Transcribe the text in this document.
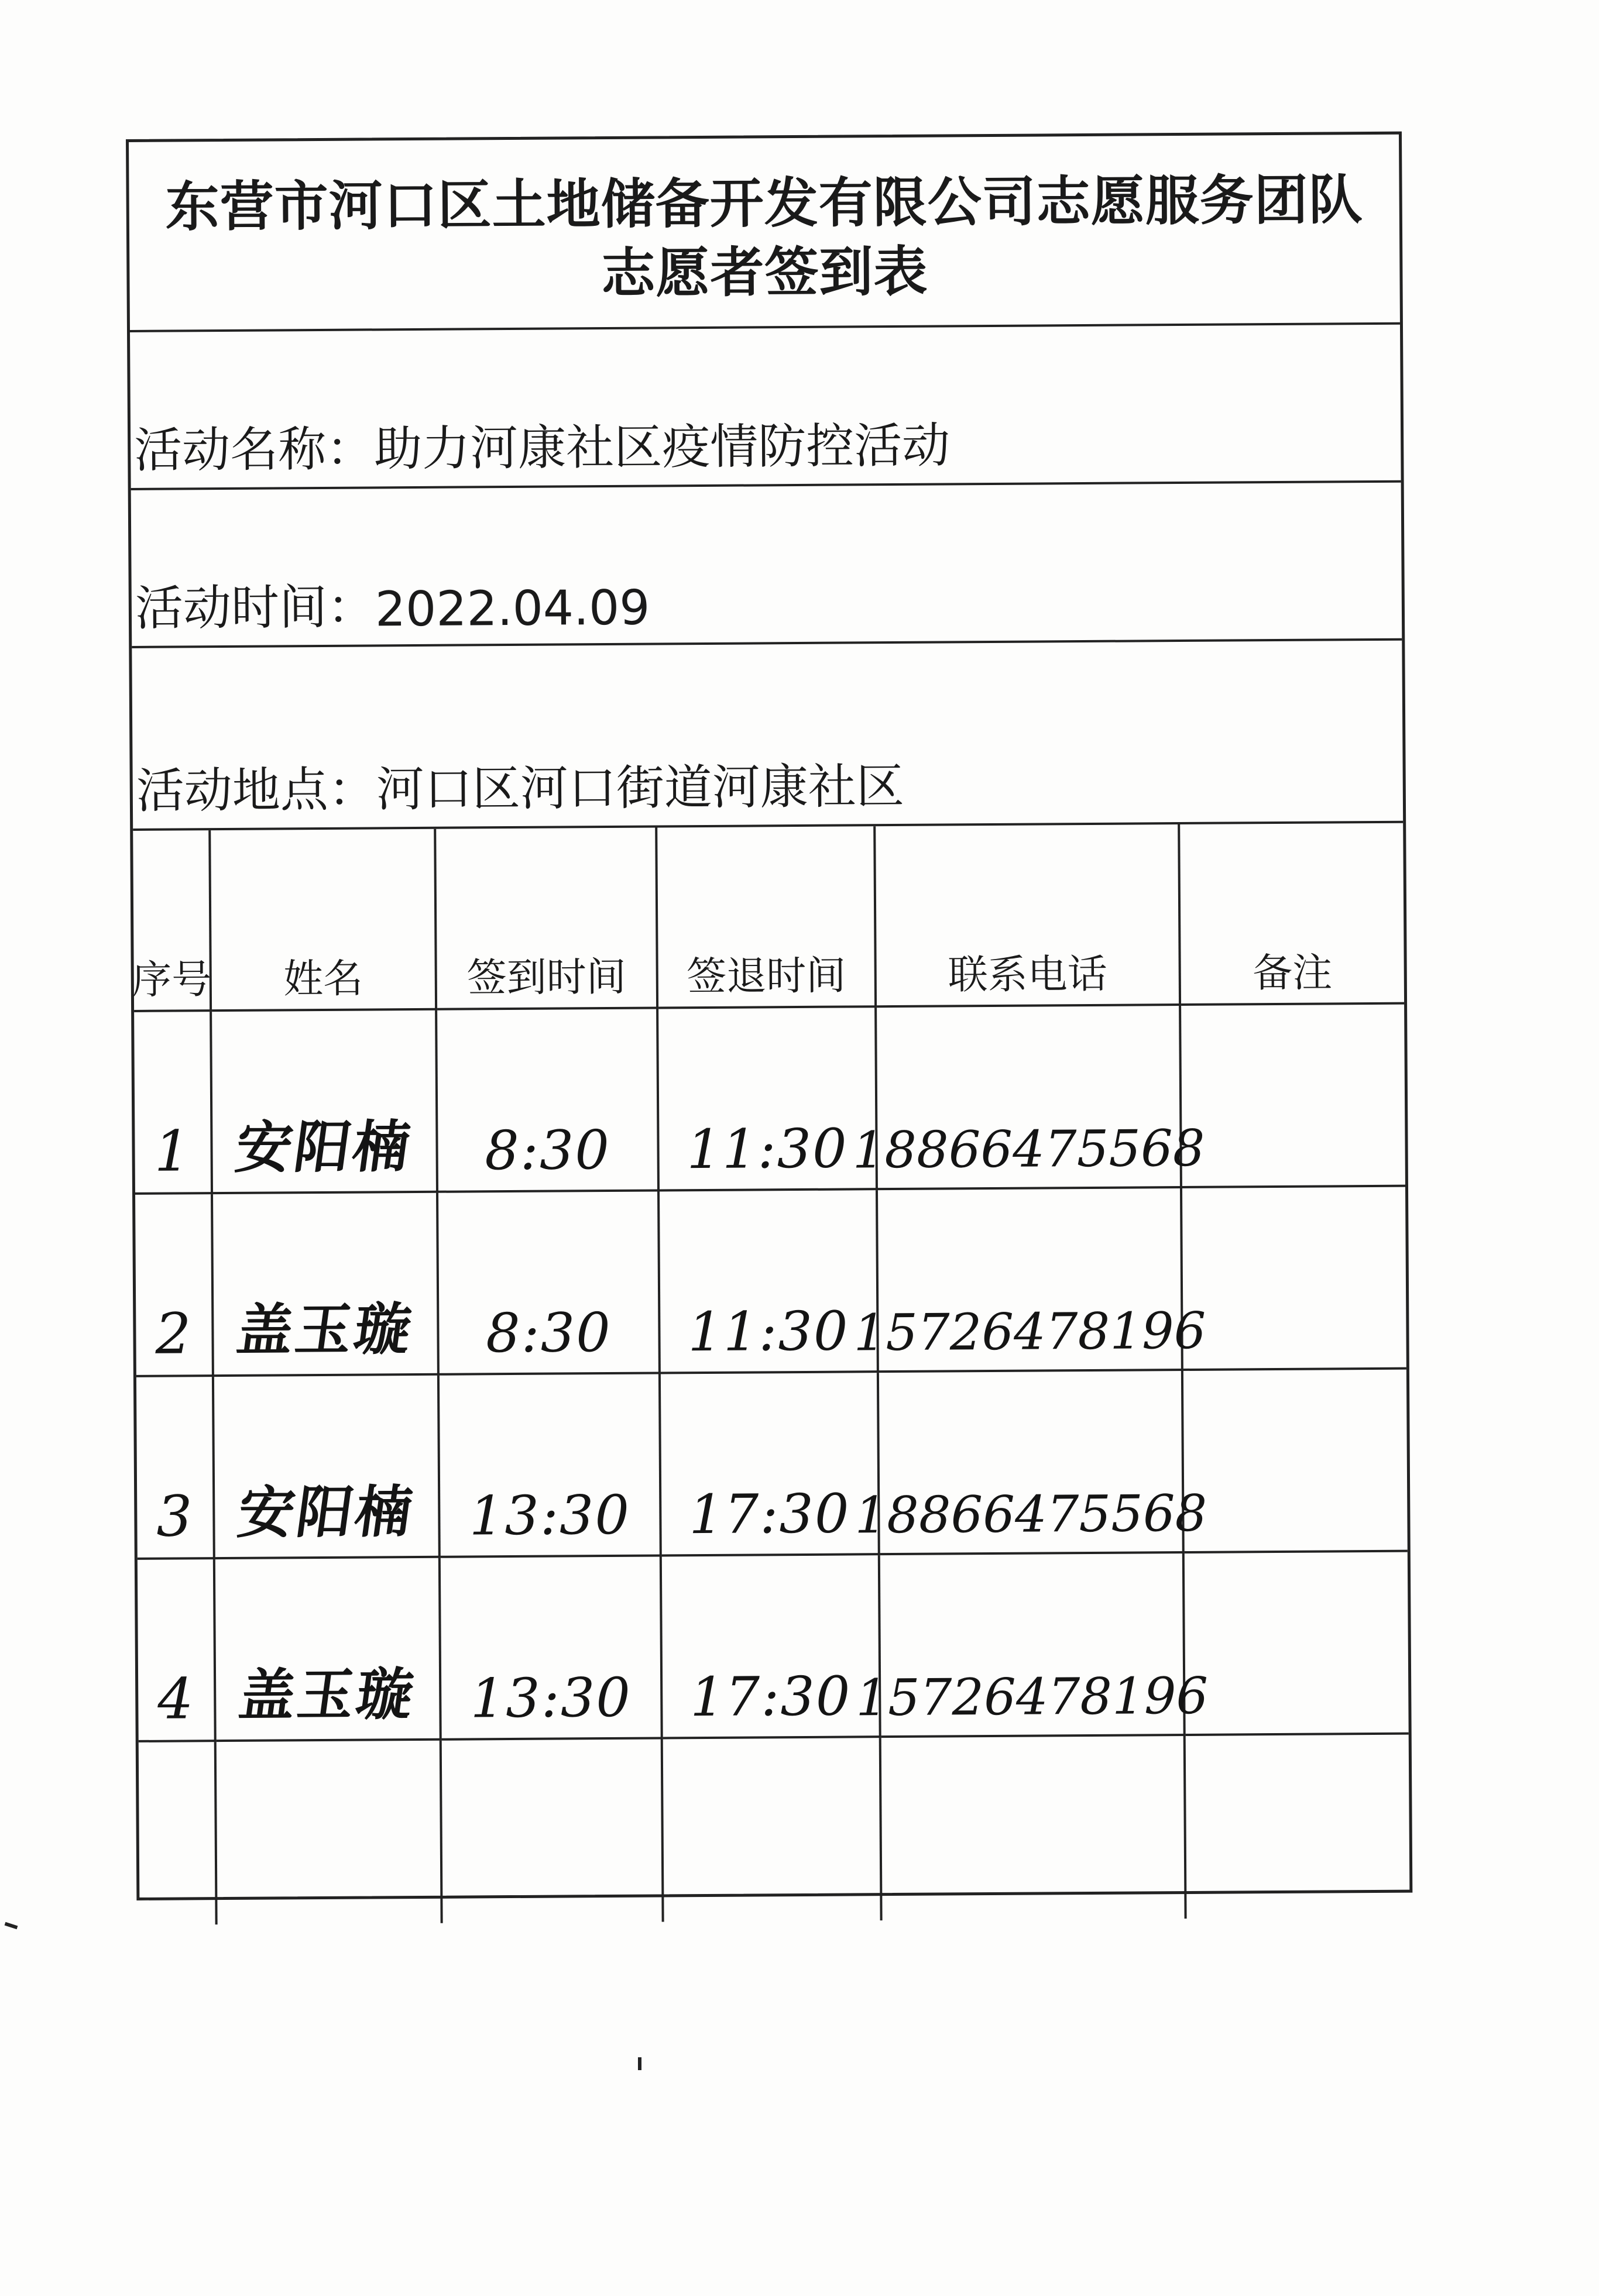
东营市河口区土地储备开发有限公司志愿服务团队
志愿者签到表
活动名称： 助力河康社区疫情防控活动
活动时间： 2022.04.09
活动地点： 河口区河口街道河康社区
序号	姓名	签到时间	签退时间	联系电话	备注
1 安阳楠 8:30 11:30 18866475568
2 盖玉璇 8:30 11:30 15726478196
3 安阳楠 13:30 17:30 18866475568
4 盖玉璇 13:30 17:30 15726478196
